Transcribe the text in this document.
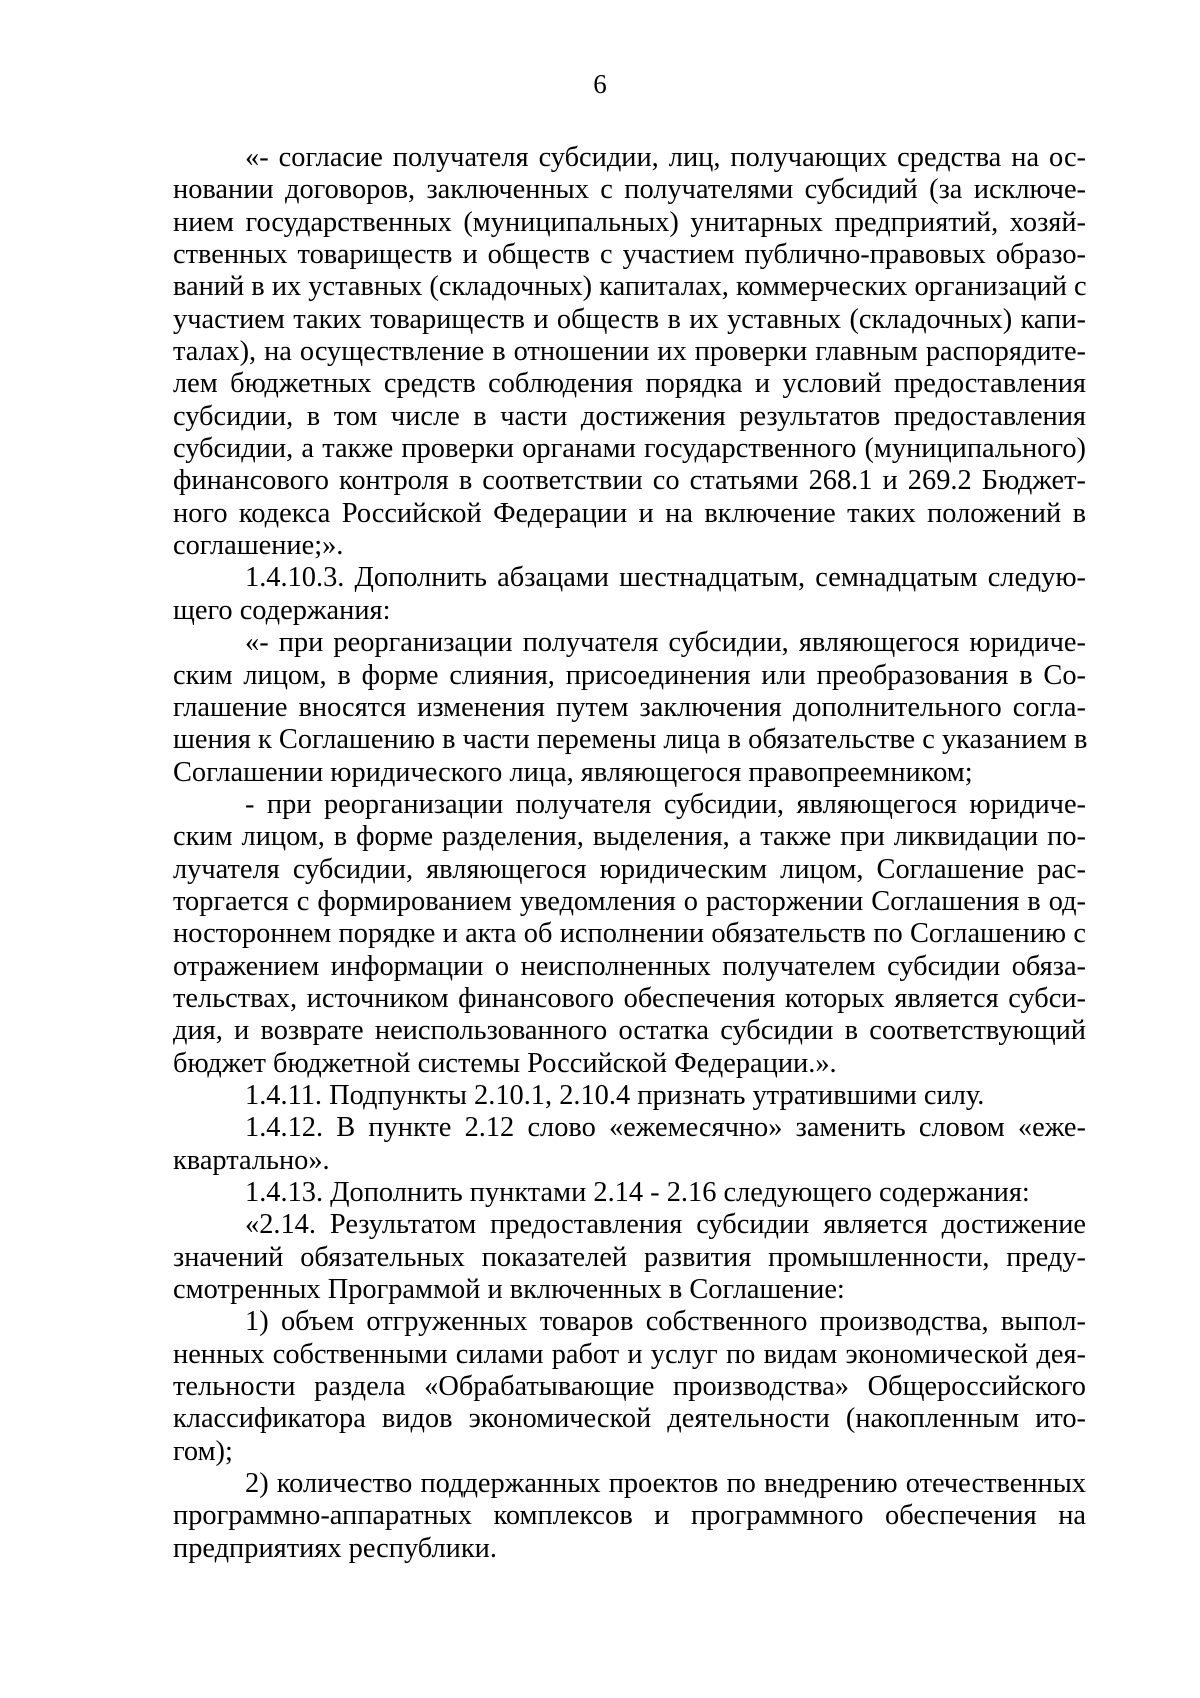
6
«- согласие получателя субсидии, лиц, получающих средства на ос-
новании договоров, заключенных с получателями субсидий (за исключе-
нием государственных (муниципальных) унитарных предприятий, хозяй-
ственных товариществ и обществ с участием публично-правовых образо-
ваний в их уставных (складочных) капиталах, коммерческих организаций с
участием таких товариществ и обществ в их уставных (складочных) капи-
талах), на осуществление в отношении их проверки главным распорядите-
лем бюджетных средств соблюдения порядка и условий предоставления
субсидии, в том числе в части достижения результатов предоставления
субсидии, а также проверки органами государственного (муниципального)
финансового контроля в соответствии со статьями 268.1 и 269.2 Бюджет-
ного кодекса Российской Федерации и на включение таких положений в
соглашение;».
1.4.10.3. Дополнить абзацами шестнадцатым, семнадцатым следую-
щего содержания:
«- при реорганизации получателя субсидии, являющегося юридиче-
ским лицом, в форме слияния, присоединения или преобразования в Со-
глашение вносятся изменения путем заключения дополнительного согла-
шения к Соглашению в части перемены лица в обязательстве с указанием в
Соглашении юридического лица, являющегося правопреемником;
- при реорганизации получателя субсидии, являющегося юридиче-
ским лицом, в форме разделения, выделения, а также при ликвидации по-
лучателя субсидии, являющегося юридическим лицом, Соглашение рас-
торгается с формированием уведомления о расторжении Соглашения в од-
ностороннем порядке и акта об исполнении обязательств по Соглашению с
отражением информации о неисполненных получателем субсидии обяза-
тельствах, источником финансового обеспечения которых является субси-
дия, и возврате неиспользованного остатка субсидии в соответствующий
бюджет бюджетной системы Российской Федерации.».
1.4.11. Подпункты 2.10.1, 2.10.4 признать утратившими силу.
1.4.12. В пункте 2.12 слово «ежемесячно» заменить словом «еже-
квартально».
1.4.13. Дополнить пунктами 2.14 - 2.16 следующего содержания:
«2.14. Результатом предоставления субсидии является достижение
значений обязательных показателей развития промышленности, преду-
смотренных Программой и включенных в Соглашение:
1) объем отгруженных товаров собственного производства, выпол-
ненных собственными силами работ и услуг по видам экономической дея-
тельности раздела «Обрабатывающие производства» Общероссийского
классификатора видов экономической деятельности (накопленным ито-
гом);
2) количество поддержанных проектов по внедрению отечественных
программно-аппаратных комплексов и программного обеспечения на
предприятиях республики.
